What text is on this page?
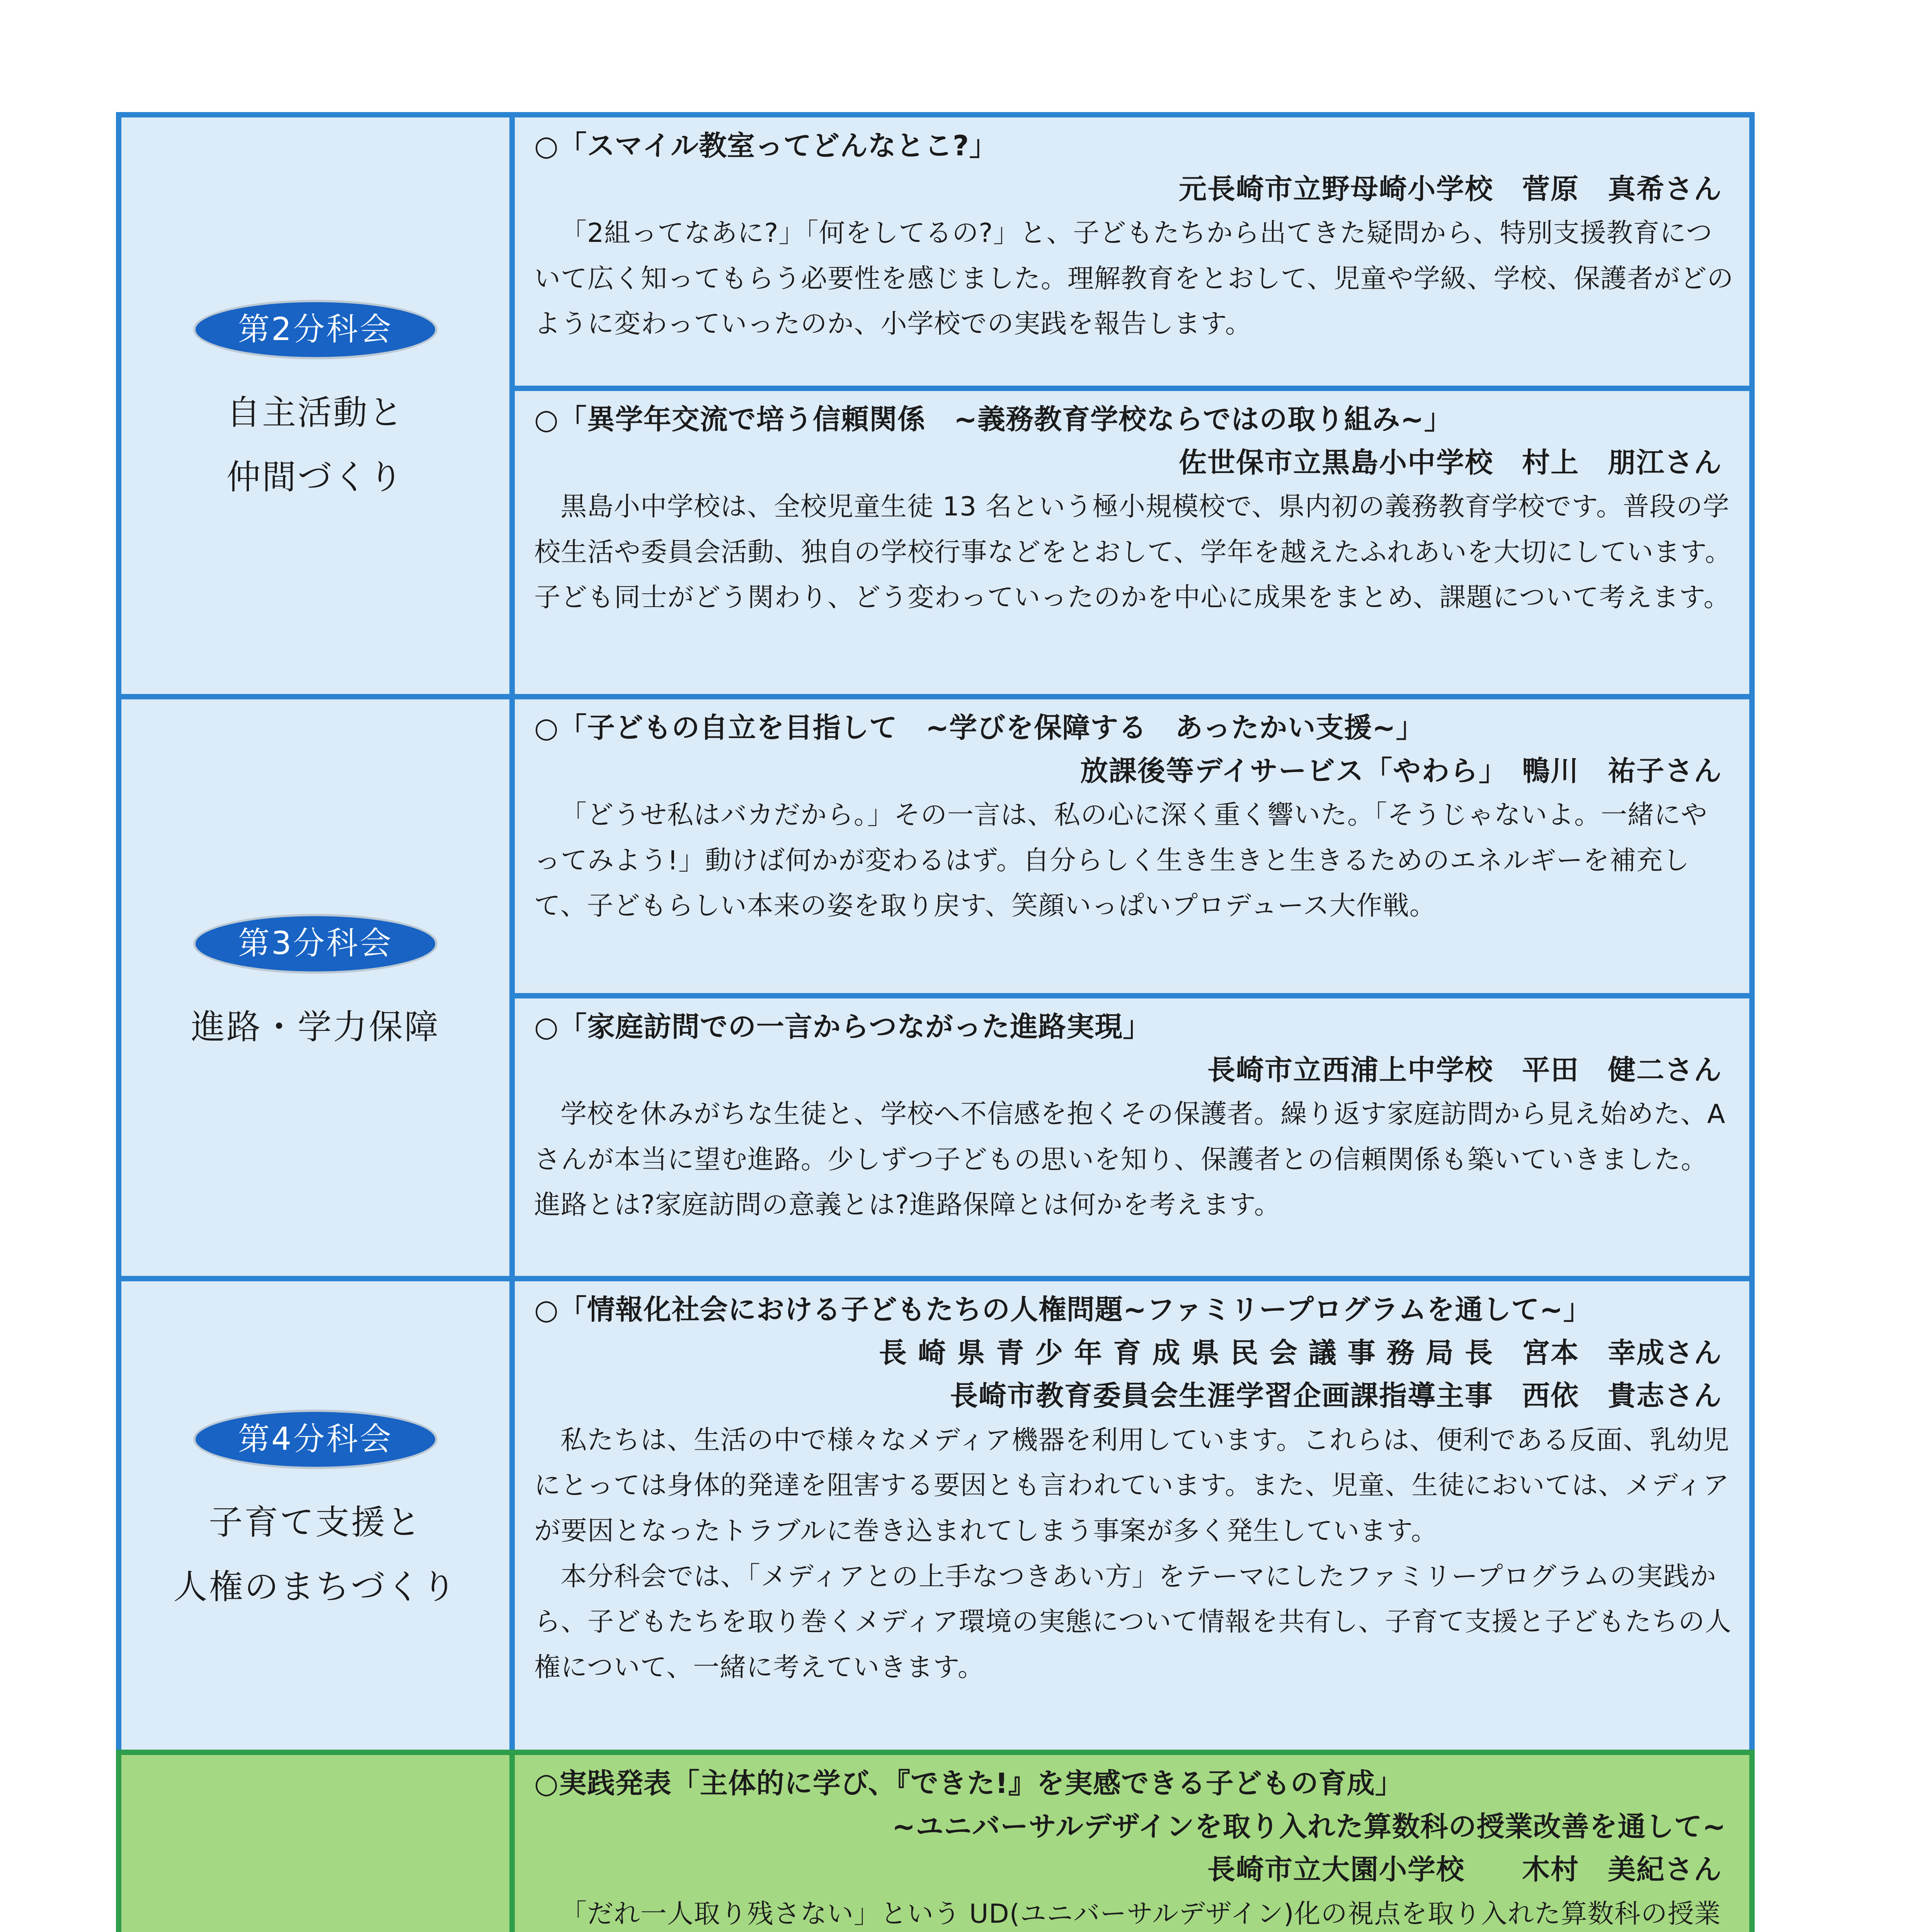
第2分科会
自主活動と
仲間づくり
○「スマイル教室ってどんなとこ?」
元長崎市立野母崎小学校　菅原　真希さん

「2組ってなあに?」「何をしてるの?」と、子どもたちから出てきた疑問から、特別支援教育について広く知ってもらう必要性を感じました。理解教育をとおして、児童や学級、学校、保護者がどのように変わっていったのか、小学校での実践を報告します。

○「異学年交流で培う信頼関係　~義務教育学校ならではの取り組み~」
佐世保市立黒島小中学校　村上　朋江さん

黒島小中学校は、全校児童生徒 13 名という極小規模校で、県内初の義務教育学校です。普段の学校生活や委員会活動、独自の学校行事などをとおして、学年を越えたふれあいを大切にしています。子ども同士がどう関わり、どう変わっていったのかを中心に成果をまとめ、課題について考えます。

第3分科会
進路・学力保障
○「子どもの自立を目指して　~学びを保障する　あったかい支援~」
放課後等デイサービス「やわら」　鴨川　祐子さん

「どうせ私はバカだから。」その一言は、私の心に深く重く響いた。「そうじゃないよ。一緒にやってみよう!」動けば何かが変わるはず。自分らしく生き生きと生きるためのエネルギーを補充して、子どもらしい本来の姿を取り戻す、笑顔いっぱいプロデュース大作戦。

○「家庭訪問での一言からつながった進路実現」
長崎市立西浦上中学校　平田　健二さん

学校を休みがちな生徒と、学校へ不信感を抱くその保護者。繰り返す家庭訪問から見え始めた、Aさんが本当に望む進路。少しずつ子どもの思いを知り、保護者との信頼関係も築いていきました。進路とは?家庭訪問の意義とは?進路保障とは何かを考えます。

第4分科会
子育て支援と
人権のまちづくり
○「情報化社会における子どもたちの人権問題~ファミリープログラムを通して~」
長 崎 県 青 少 年 育 成 県 民 会 議 事 務 局 長　宮本　幸成さん
長崎市教育委員会生涯学習企画課指導主事　西依　貴志さん

私たちは、生活の中で様々なメディア機器を利用しています。これらは、便利である反面、乳幼児にとっては身体的発達を阻害する要因とも言われています。また、児童、生徒においては、メディアが要因となったトラブルに巻き込まれてしまう事案が多く発生しています。

本分科会では、「メディアとの上手なつきあい方」をテーマにしたファミリープログラムの実践から、子どもたちを取り巻くメディア環境の実態について情報を共有し、子育て支援と子どもたちの人権について、一緒に考えていきます。

○実践発表「主体的に学び、『できた!』を実感できる子どもの育成」
~ユニバーサルデザインを取り入れた算数科の授業改善を通して~
長崎市立大園小学校　　木村　美紀さん

「だれ一人取り残さない」という UD(ユニバーサルデザイン)化の視点を取り入れた算数科の授業
